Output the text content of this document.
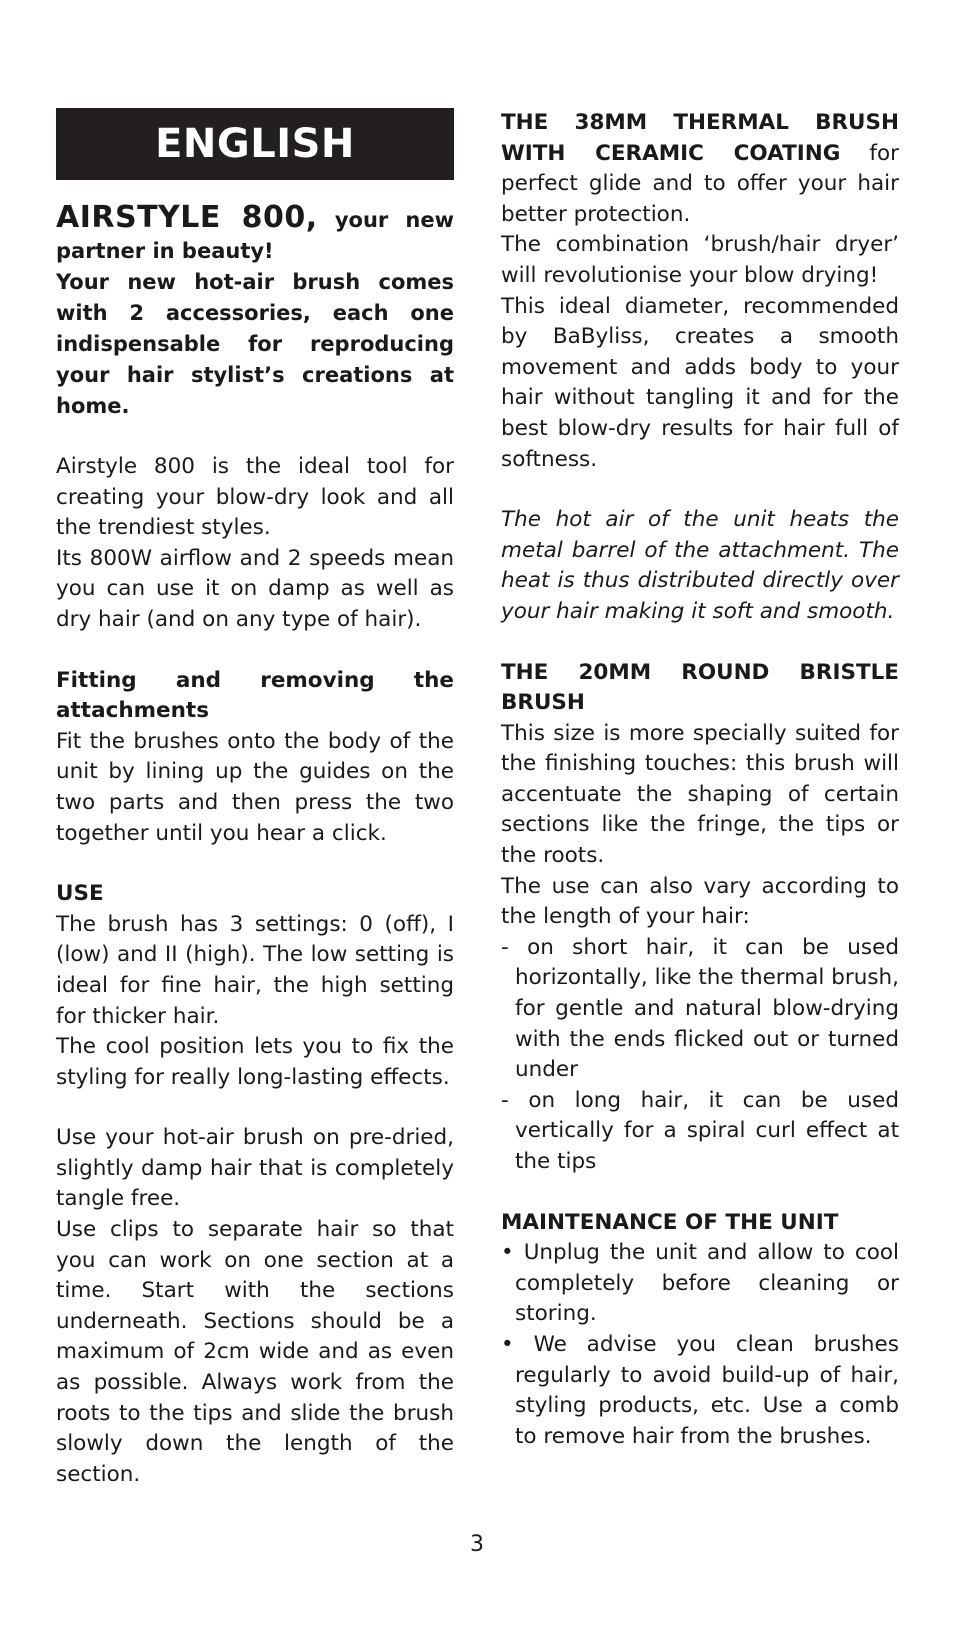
ENGLISH

AIRSTYLE 800, your new partner in beauty!

Your new hot-air brush comes with 2 accessories, each one indispensable for reproducing your hair stylist’s creations at home.

Airstyle 800 is the ideal tool for creating your blow-dry look and all the trendiest styles.

Its 800W airflow and 2 speeds mean you can use it on damp as well as dry hair (and on any type of hair).

Fitting and removing the attachments

Fit the brushes onto the body of the unit by lining up the guides on the two parts and then press the two together until you hear a click.

USE

The brush has 3 settings: 0 (off), I (low) and II (high). The low setting is ideal for fine hair, the high setting for thicker hair.

The cool position lets you to fix the styling for really long-lasting effects.

Use your hot-air brush on pre-dried, slightly damp hair that is completely tangle free.

Use clips to separate hair so that you can work on one section at a time. Start with the sections underneath. Sections should be a maximum of 2cm wide and as even as possible. Always work from the roots to the tips and slide the brush slowly down the length of the section.

THE 38MM THERMAL BRUSH WITH CERAMIC COATING for perfect glide and to offer your hair better protection.

The combination ‘brush/hair dryer’ will revolutionise your blow drying!

This ideal diameter, recommended by BaByliss, creates a smooth movement and adds body to your hair without tangling it and for the best blow-dry results for hair full of softness.

The hot air of the unit heats the metal barrel of the attachment. The heat is thus distributed directly over your hair making it soft and smooth.

THE 20MM ROUND BRISTLE BRUSH

This size is more specially suited for the finishing touches: this brush will accentuate the shaping of certain sections like the fringe, the tips or the roots.

The use can also vary according to the length of your hair:

- on short hair, it can be used horizontally, like the thermal brush, for gentle and natural blow-drying with the ends flicked out or turned under
- on long hair, it can be used vertically for a spiral curl effect at the tips

MAINTENANCE OF THE UNIT

• Unplug the unit and allow to cool completely before cleaning or storing.
• We advise you clean brushes regularly to avoid build-up of hair, styling products, etc. Use a comb to remove hair from the brushes.
3
